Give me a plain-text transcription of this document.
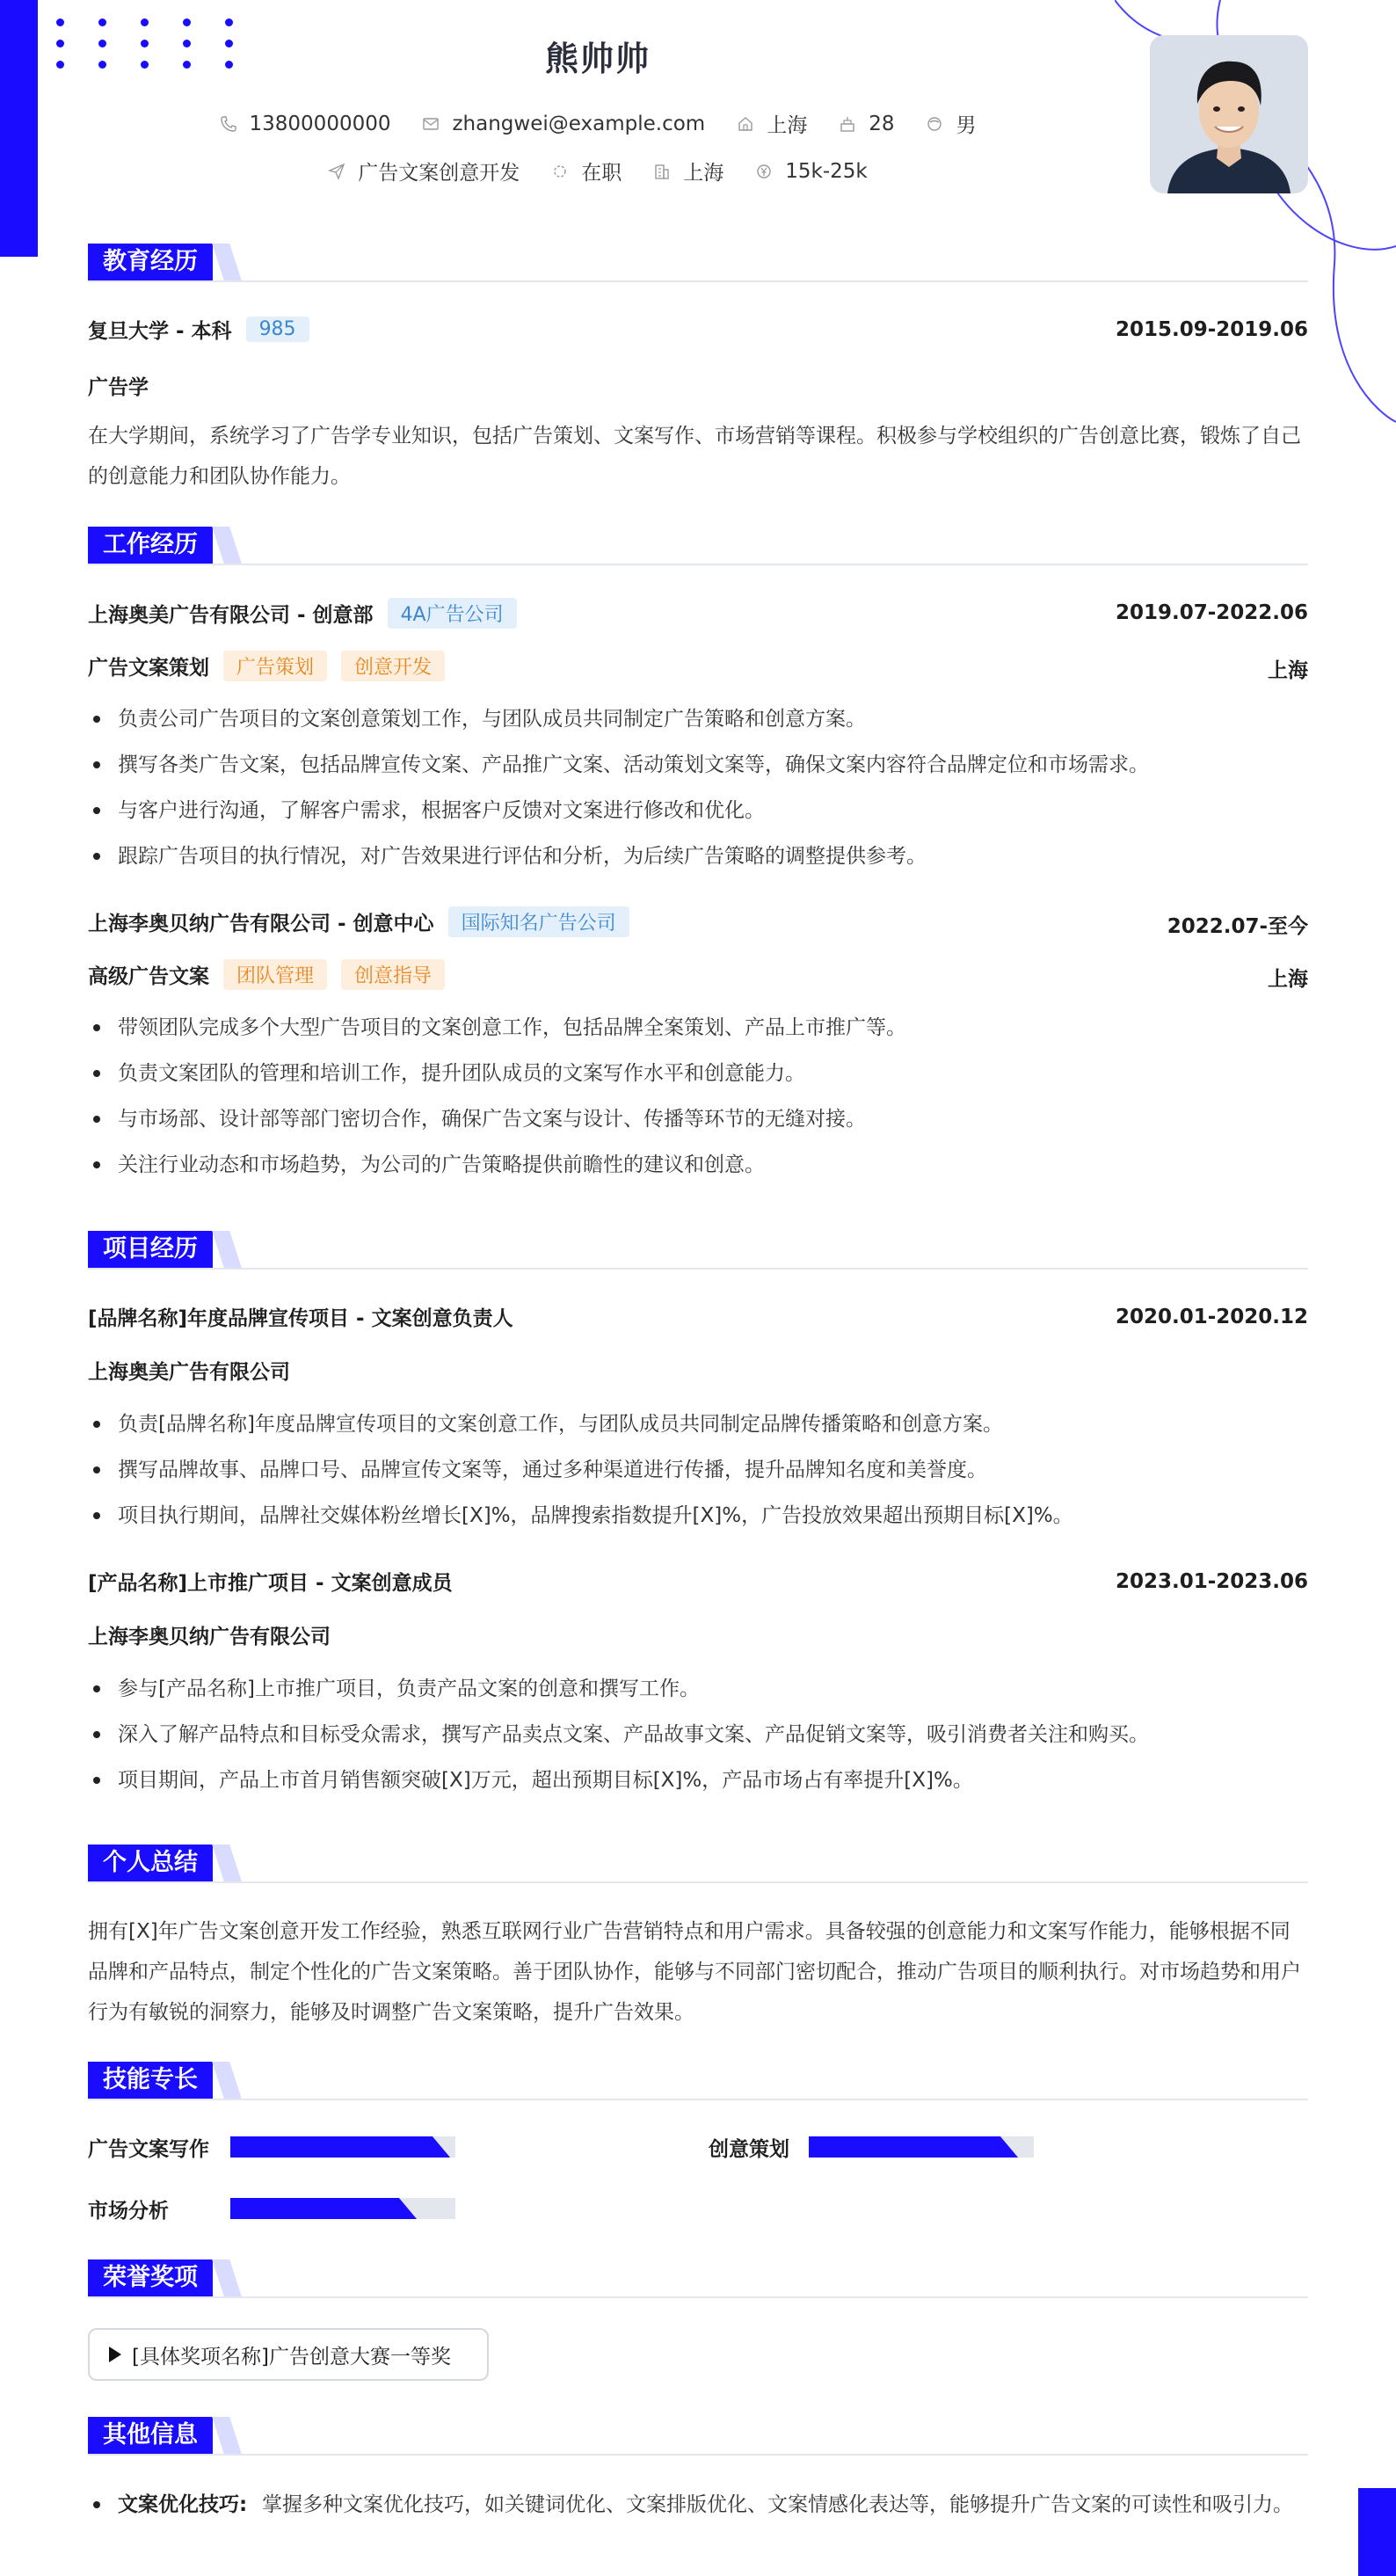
熊帅帅
13800000000	zhangwei@example.com	上海	28	男
广告文案创意开发	在职	上海	15k-25k
教育经历
复旦大学 - 本科	985	2015.09-2019.06
广告学
在大学期间，系统学习了广告学专业知识，包括广告策划、文案写作、市场营销等课程。积极参与学校组织的广告创意比赛，锻炼了自己的创意能力和团队协作能力。
工作经历
上海奥美广告有限公司 - 创意部	4A广告公司	2019.07-2022.06
广告文案策划	广告策划	创意开发	上海
负责公司广告项目的文案创意策划工作，与团队成员共同制定广告策略和创意方案。
撰写各类广告文案，包括品牌宣传文案、产品推广文案、活动策划文案等，确保文案内容符合品牌定位和市场需求。
与客户进行沟通，了解客户需求，根据客户反馈对文案进行修改和优化。
跟踪广告项目的执行情况，对广告效果进行评估和分析，为后续广告策略的调整提供参考。
上海李奥贝纳广告有限公司 - 创意中心	国际知名广告公司	2022.07-至今
高级广告文案	团队管理	创意指导	上海
带领团队完成多个大型广告项目的文案创意工作，包括品牌全案策划、产品上市推广等。
负责文案团队的管理和培训工作，提升团队成员的文案写作水平和创意能力。
与市场部、设计部等部门密切合作，确保广告文案与设计、传播等环节的无缝对接。
关注行业动态和市场趋势，为公司的广告策略提供前瞻性的建议和创意。
项目经历
[品牌名称]年度品牌宣传项目 - 文案创意负责人	2020.01-2020.12
上海奥美广告有限公司
负责[品牌名称]年度品牌宣传项目的文案创意工作，与团队成员共同制定品牌传播策略和创意方案。
撰写品牌故事、品牌口号、品牌宣传文案等，通过多种渠道进行传播，提升品牌知名度和美誉度。
项目执行期间，品牌社交媒体粉丝增长[X]%，品牌搜索指数提升[X]%，广告投放效果超出预期目标[X]%。
[产品名称]上市推广项目 - 文案创意成员	2023.01-2023.06
上海李奥贝纳广告有限公司
参与[产品名称]上市推广项目，负责产品文案的创意和撰写工作。
深入了解产品特点和目标受众需求，撰写产品卖点文案、产品故事文案、产品促销文案等，吸引消费者关注和购买。
项目期间，产品上市首月销售额突破[X]万元，超出预期目标[X]%，产品市场占有率提升[X]%。
个人总结
拥有[X]年广告文案创意开发工作经验，熟悉互联网行业广告营销特点和用户需求。具备较强的创意能力和文案写作能力，能够根据不同品牌和产品特点，制定个性化的广告文案策略。善于团队协作，能够与不同部门密切配合，推动广告项目的顺利执行。对市场趋势和用户行为有敏锐的洞察力，能够及时调整广告文案策略，提升广告效果。
技能专长
广告文案写作	创意策划
市场分析
荣誉奖项
[具体奖项名称]广告创意大赛一等奖
其他信息
文案优化技巧: 掌握多种文案优化技巧，如关键词优化、文案排版优化、文案情感化表达等，能够提升广告文案的可读性和吸引力。
